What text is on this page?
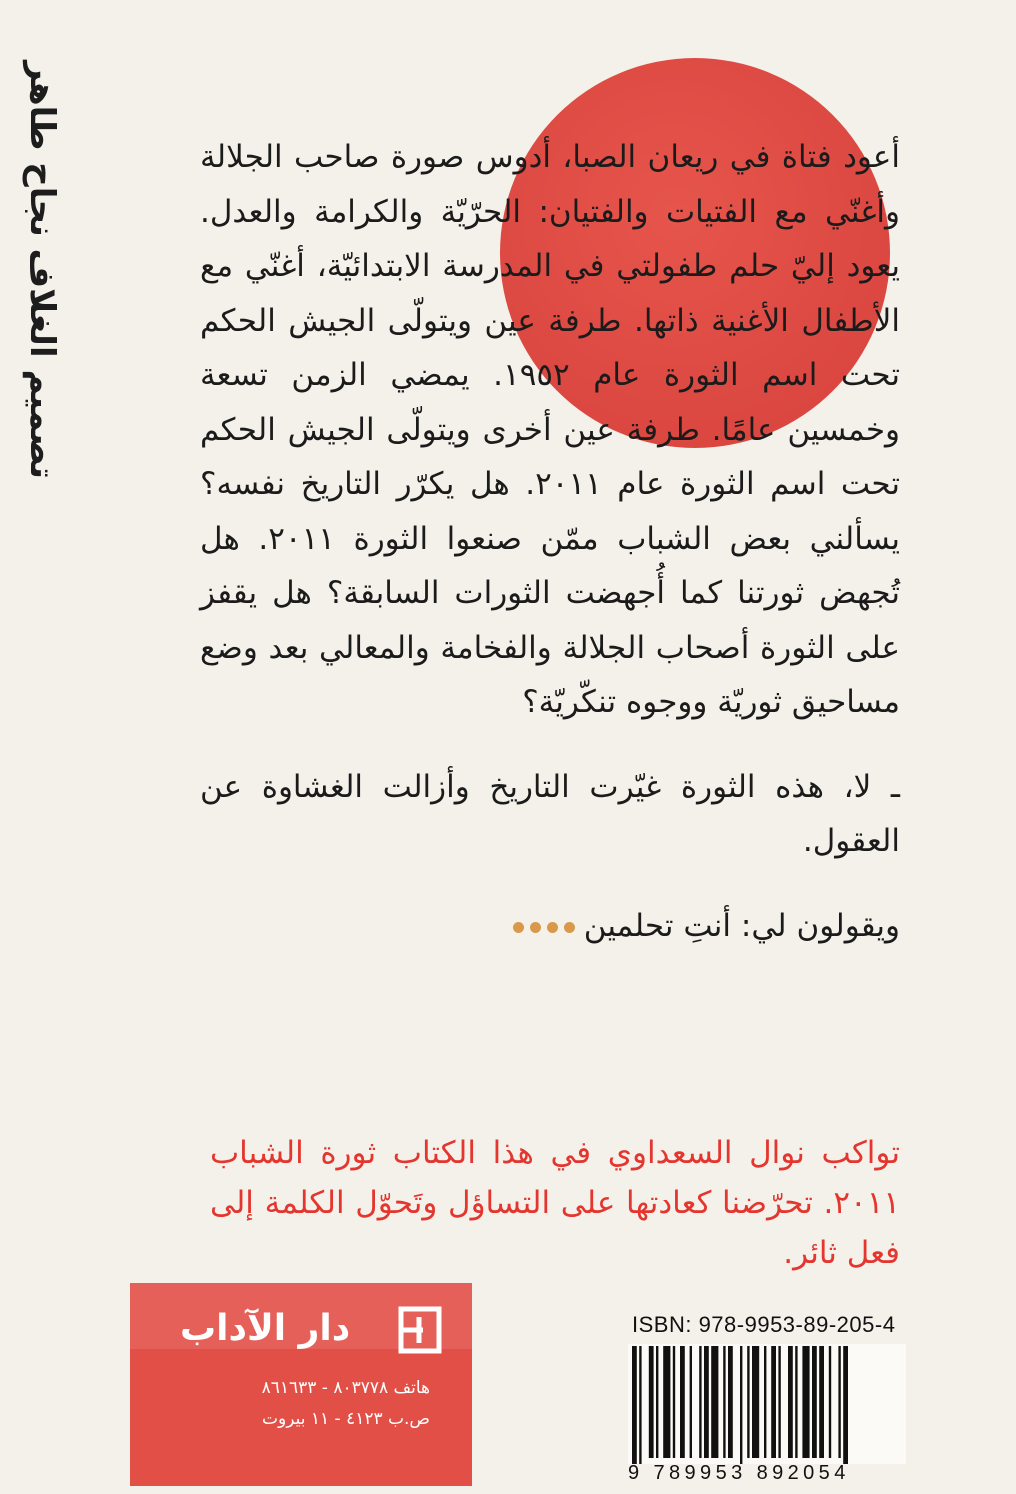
تصميم الغلاف نجاح طاهر	أعود فتاة في ريعان الصبا، أدوس صورة صاحب الجلالة وأغنّي مع الفتيات والفتيان: الحرّيّة والكرامة والعدل. يعود إليّ حلم طفولتي في المدرسة الابتدائيّة، أغنّي مع الأطفال الأغنية ذاتها. طرفة عين ويتولّى الجيش الحكم تحت اسم الثورة عام ١٩٥٢. يمضي الزمن تسعة وخمسين عامًا. طرفة عين أخرى ويتولّى الجيش الحكم تحت اسم الثورة عام ٢٠١١. هل يكرّر التاريخ نفسه؟ يسألني بعض الشباب ممّن صنعوا الثورة ٢٠١١. هل تُجهض ثورتنا كما أُجهضت الثورات السابقة؟ هل يقفز على الثورة أصحاب الجلالة والفخامة والمعالي بعد وضع مساحيق ثوريّة ووجوه تنكّريّة؟

ـ لا، هذه الثورة غيّرت التاريخ وأزالت الغشاوة عن العقول.

ويقولون لي: أنتِ تحلمين

تواكب نوال السعداوي في هذا الكتاب ثورة الشباب ٢٠١١. تحرّضنا كعادتها على التساؤل وتَحوّل الكلمة إلى فعل ثائر.

دار الآداب
هاتف ٨٠٣٧٧٨ - ٨٦١٦٣٣
ص.ب ٤١٢٣ - ١١ بيروت
ISBN: 978-9953-89-205-4
9 789953 892054
